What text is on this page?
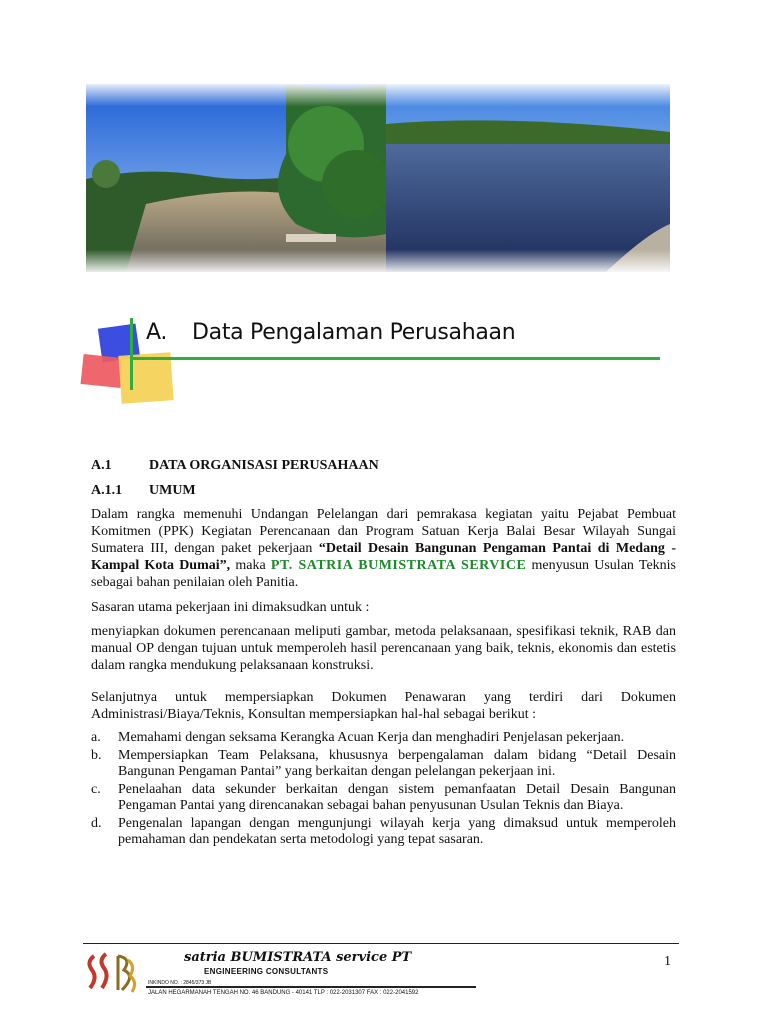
A. Data Pengalaman Perusahaan
A.1	DATA ORGANISASI PERUSAHAAN
A.1.1 UMUM

Dalam rangka memenuhi Undangan Pelelangan dari pemrakasa kegiatan yaitu Pejabat Pembuat Komitmen (PPK) Kegiatan Perencanaan dan Program Satuan Kerja Balai Besar Wilayah Sungai Sumatera III, dengan paket pekerjaan “Detail Desain Bangunan Pengaman Pantai di Medang - Kampal Kota Dumai”, maka PT. SATRIA BUMISTRATA SERVICE menyusun Usulan Teknis sebagai bahan penilaian oleh Panitia.

Sasaran utama pekerjaan ini dimaksudkan untuk :

menyiapkan dokumen perencanaan meliputi gambar, metoda pelaksanaan, spesifikasi teknik, RAB dan manual OP dengan tujuan untuk memperoleh hasil perencanaan yang baik, teknis, ekonomis dan estetis dalam rangka mendukung pelaksanaan konstruksi.

Selanjutnya untuk mempersiapkan Dokumen Penawaran yang terdiri dari Dokumen Administrasi/Biaya/Teknis, Konsultan mempersiapkan hal-hal sebagai berikut :

a. Memahami dengan seksama Kerangka Acuan Kerja dan menghadiri Penjelasan pekerjaan.
b. Mempersiapkan Team Pelaksana, khususnya berpengalaman dalam bidang “Detail Desain Bangunan Pengaman Pantai” yang berkaitan dengan pelelangan pekerjaan ini.
c. Penelaahan data sekunder berkaitan dengan sistem pemanfaatan Detail Desain Bangunan Pengaman Pantai yang direncanakan sebagai bahan penyusunan Usulan Teknis dan Biaya.
d. Pengenalan lapangan dengan mengunjungi wilayah kerja yang dimaksud untuk memperoleh pemahaman dan pendekatan serta metodologi yang tepat sasaran.
satria BUMISTRATA service PT
ENGINEERING CONSULTANTS
INKINDO NO. : 2845/373 JB
JALAN HEGARMANAH TENGAH NO. 46 BANDUNG - 40141 TLP : 022-2031307 FAX : 022-2041592
1
